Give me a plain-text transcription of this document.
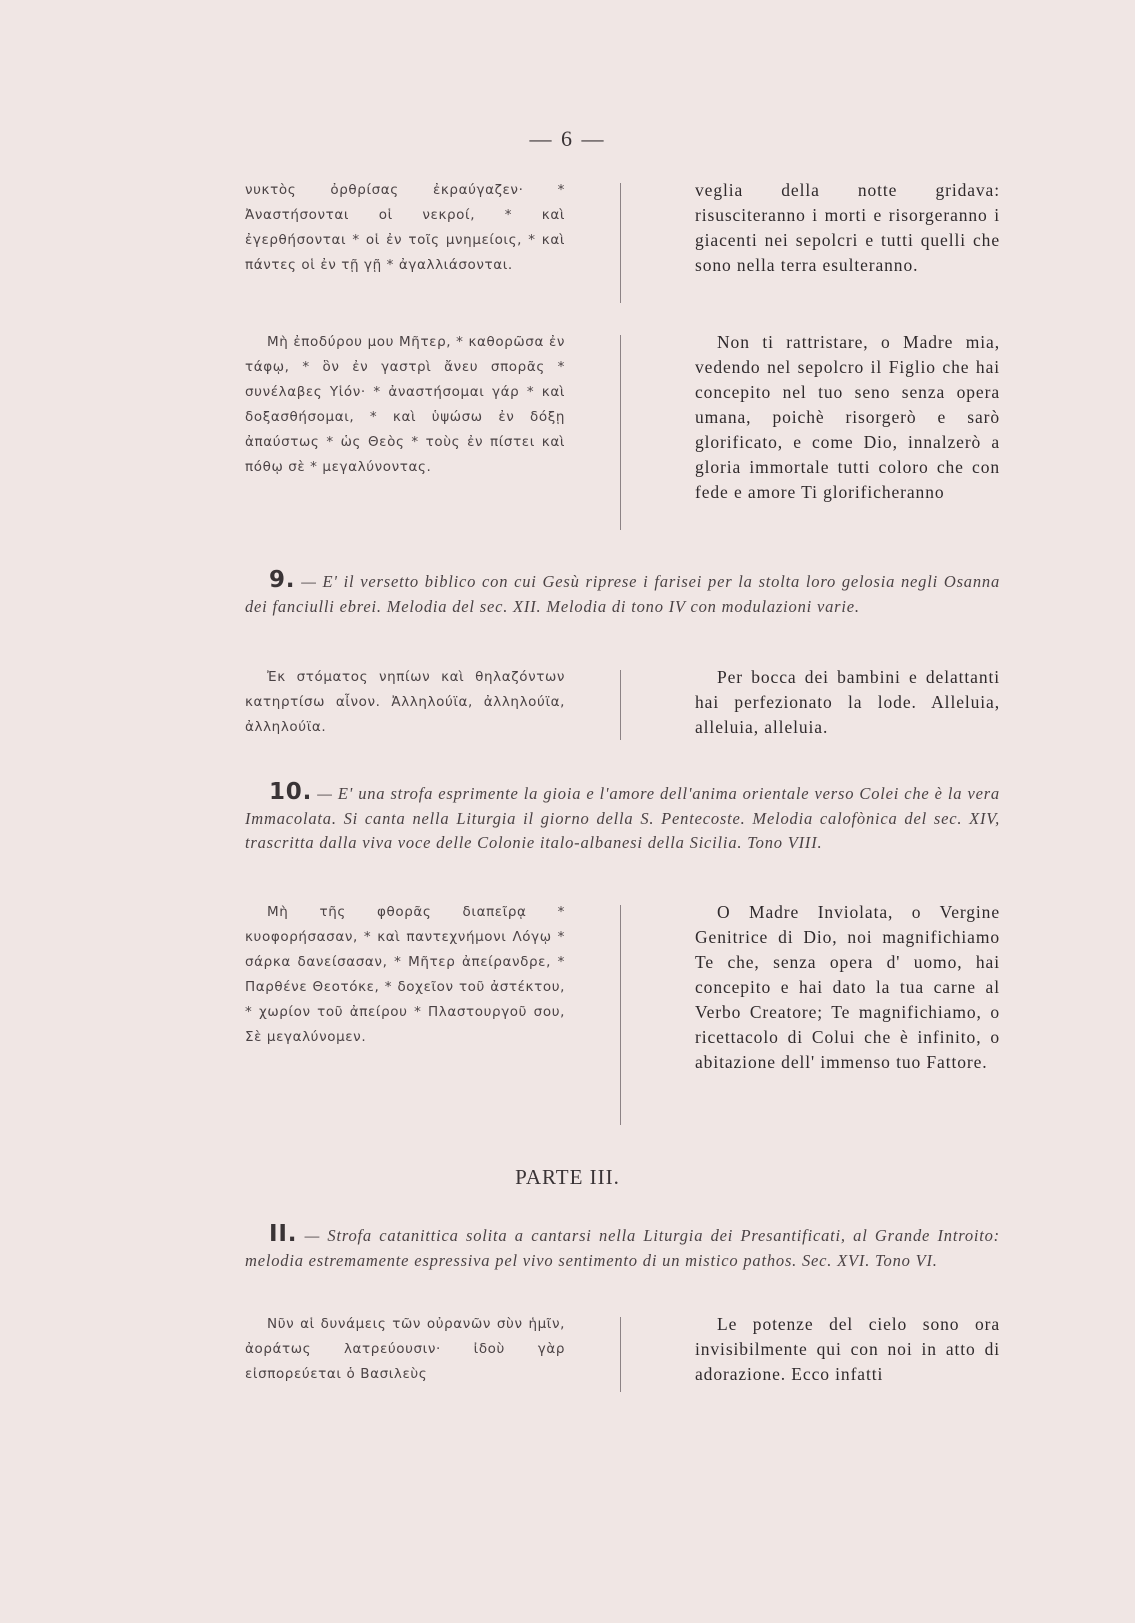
— 6 —
νυκτὸς ὀρθρίσας ἐκραύγαζεν· * Ἀναστήσονται οἱ νεκροί, * καὶ ἐγερθήσονται * οἱ ἐν τοῖς μνημείοις, * καὶ πάντες οἱ ἐν τῇ γῇ * ἀγαλλιάσονται.
veglia della notte gridava: risusciteranno i morti e risorgeranno i giacenti nei sepolcri e tutti quelli che sono nella terra esulteranno.
Μὴ ἐποδύρου μου Μῆτερ, * καθορῶσα ἐν τάφῳ, * ὃν ἐν γαστρὶ ἄνευ σπορᾶς * συνέλαβες Υἱόν· * ἀναστήσομαι γάρ * καὶ δοξασθήσομαι, * καὶ ὑψώσω ἐν δόξῃ ἀπαύστως * ὡς Θεὸς * τοὺς ἐν πίστει καὶ πόθῳ σὲ * μεγαλύνοντας.
Non ti rattristare, o Madre mia, vedendo nel sepolcro il Figlio che hai concepito nel tuo seno senza opera umana, poichè risorgerò e sarò glorificato, e come Dio, innalzerò a gloria immortale tutti coloro che con fede e amore Ti glorificheranno
9. — E' il versetto biblico con cui Gesù riprese i farisei per la stolta loro gelosia negli Osanna dei fanciulli ebrei. Melodia del sec. XII. Melodia di tono IV con modulazioni varie.
Ἐκ στόματος νηπίων καὶ θηλαζόντων κατηρτίσω αἶνον. Ἀλληλούϊα, ἀλληλούϊα, ἀλληλούϊα.
Per bocca dei bambini e delattanti hai perfezionato la lode. Alleluia, alleluia, alleluia.
10. — E' una strofa esprimente la gioia e l'amore dell'anima orientale verso Colei che è la vera Immacolata. Si canta nella Liturgia il giorno della S. Pentecoste. Melodia calofònica del sec. XIV, trascritta dalla viva voce delle Colonie italo-albanesi della Sicilia. Tono VIII.
Μὴ τῆς φθορᾶς διαπεῖρᾳ * κυοφορήσασαν, * καὶ παντεχνήμονι Λόγῳ * σάρκα δανείσασαν, * Μῆτερ ἀπείρανδρε, * Παρθένε Θεοτόκε, * δοχεῖον τοῦ ἀστέκτου, * χωρίον τοῦ ἀπείρου * Πλαστουργοῦ σου, Σὲ μεγαλύνομεν.
O Madre Inviolata, o Vergine Genitrice di Dio, noi magnifichiamo Te che, senza opera d' uomo, hai concepito e hai dato la tua carne al Verbo Creatore; Te magnifichiamo, o ricettacolo di Colui che è infinito, o abitazione dell' immenso tuo Fattore.
PARTE III.
II. — Strofa catanittica solita a cantarsi nella Liturgia dei Presantificati, al Grande Introito: melodia estremamente espressiva pel vivo sentimento di un mistico pathos. Sec. XVI. Tono VI.
Νῦν αἱ δυνάμεις τῶν οὐρανῶν σὺν ἡμῖν, ἀοράτως λατρεύουσιν· ἰδοὺ γὰρ εἰσπορεύεται ὁ Βασιλεὺς
Le potenze del cielo sono ora invisibilmente qui con noi in atto di adorazione. Ecco infatti
